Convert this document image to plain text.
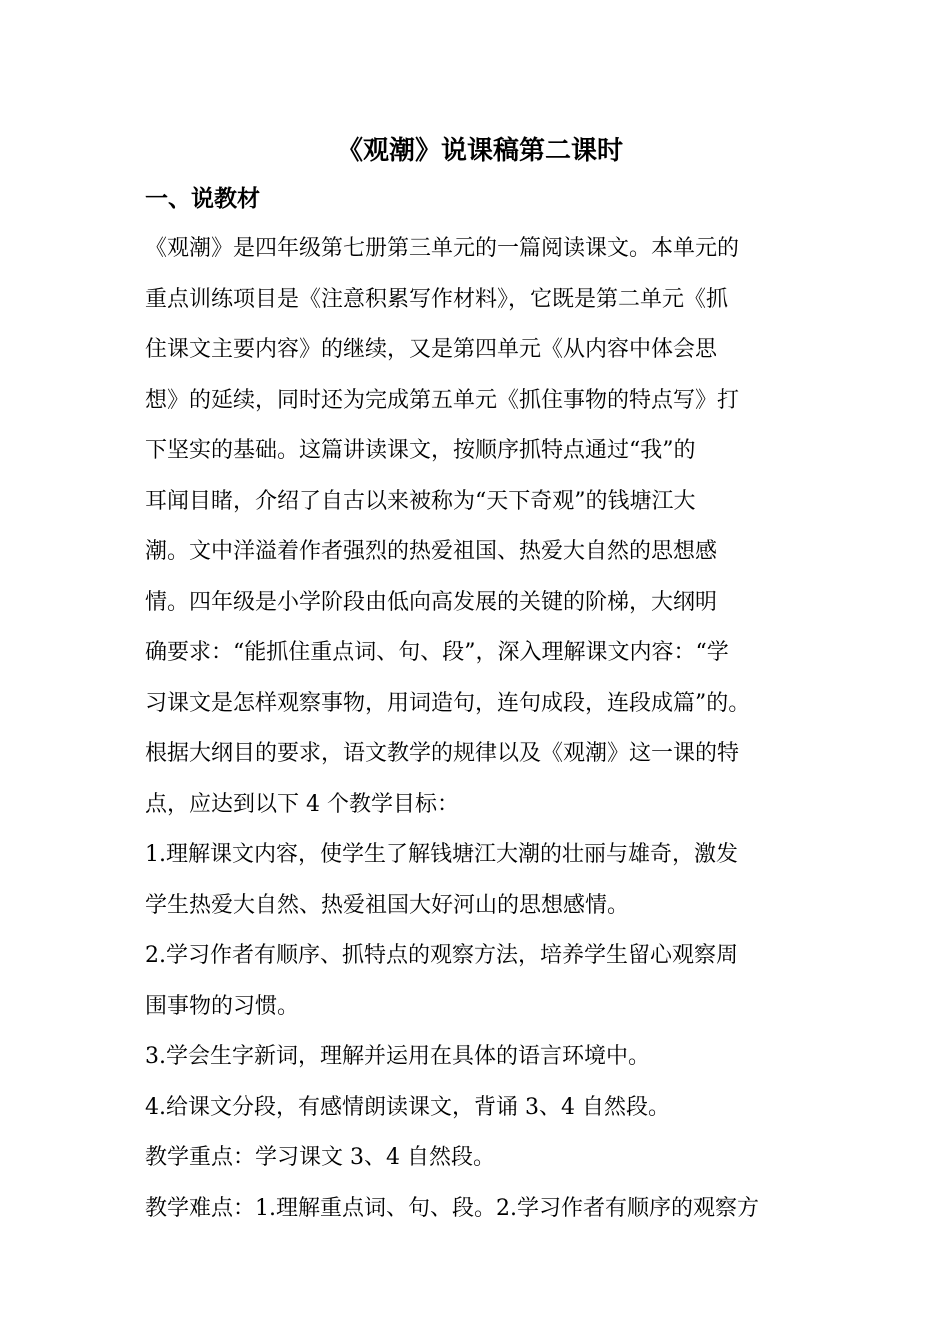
《观潮》说课稿第二课时
一、说教材
《观潮》是四年级第七册第三单元的一篇阅读课文。本单元的
重点训练项目是《注意积累写作材料》，它既是第二单元《抓
住课文主要内容》的继续，又是第四单元《从内容中体会思
想》的延续，同时还为完成第五单元《抓住事物的特点写》打
下坚实的基础。这篇讲读课文，按顺序抓特点通过“我”的
耳闻目睹，介绍了自古以来被称为“天下奇观”的钱塘江大
潮。文中洋溢着作者强烈的热爱祖国、热爱大自然的思想感
情。四年级是小学阶段由低向高发展的关键的阶梯，大纲明
确要求：“能抓住重点词、句、段”，深入理解课文内容：“学
习课文是怎样观察事物，用词造句，连句成段，连段成篇”的。
根据大纲目的要求，语文教学的规律以及《观潮》这一课的特
点，应达到以下 4 个教学目标：
1.理解课文内容，使学生了解钱塘江大潮的壮丽与雄奇，激发
学生热爱大自然、热爱祖国大好河山的思想感情。
2.学习作者有顺序、抓特点的观察方法，培养学生留心观察周
围事物的习惯。
3.学会生字新词，理解并运用在具体的语言环境中。
4.给课文分段，有感情朗读课文，背诵 3、4 自然段。
教学重点：学习课文 3、4 自然段。
教学难点：1.理解重点词、句、段。2.学习作者有顺序的观察方
